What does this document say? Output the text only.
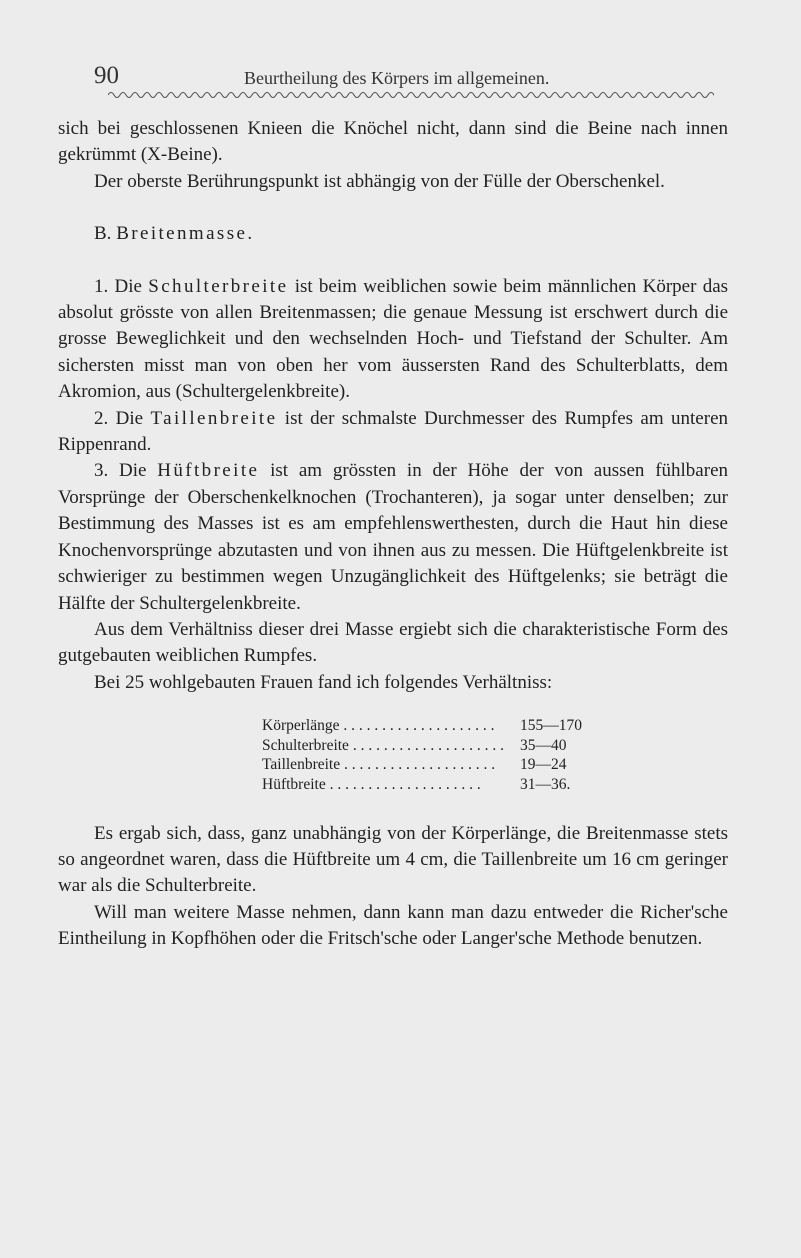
90	Beurtheilung des Körpers im allgemeinen.

sich bei geschlossenen Knieen die Knöchel nicht, dann sind die Beine nach innen gekrümmt (X-Beine).

Der oberste Berührungspunkt ist abhängig von der Fülle der Oberschenkel.

B. Breitenmasse.

1. Die Schulterbreite ist beim weiblichen sowie beim männlichen Körper das absolut grösste von allen Breitenmassen; die genaue Messung ist erschwert durch die grosse Beweglichkeit und den wechselnden Hoch- und Tiefstand der Schulter. Am sichersten misst man von oben her vom äussersten Rand des Schulterblatts, dem Akromion, aus (Schultergelenkbreite).

2. Die Taillenbreite ist der schmalste Durchmesser des Rumpfes am unteren Rippenrand.

3. Die Hüftbreite ist am grössten in der Höhe der von aussen fühlbaren Vorsprünge der Oberschenkelknochen (Trochanteren), ja sogar unter denselben; zur Bestimmung des Masses ist es am empfehlenswerthesten, durch die Haut hin diese Knochenvorsprünge abzutasten und von ihnen aus zu messen. Die Hüftgelenkbreite ist schwieriger zu bestimmen wegen Unzugänglichkeit des Hüftgelenks; sie beträgt die Hälfte der Schultergelenkbreite.

Aus dem Verhältniss dieser drei Masse ergiebt sich die charakteristische Form des gutgebauten weiblichen Rumpfes.

Bei 25 wohlgebauten Frauen fand ich folgendes Verhältniss:

Körperlänge . . .	155—170
Schulterbreite . . .	35—40
Taillenbreite . . .	19—24
Hüftbreite . . .	31—36.

Es ergab sich, dass, ganz unabhängig von der Körperlänge, die Breitenmasse stets so angeordnet waren, dass die Hüftbreite um 4 cm, die Taillenbreite um 16 cm geringer war als die Schulterbreite.

Will man weitere Masse nehmen, dann kann man dazu entweder die Richer'sche Eintheilung in Kopfhöhen oder die Fritsch'sche oder Langer'sche Methode benutzen.
